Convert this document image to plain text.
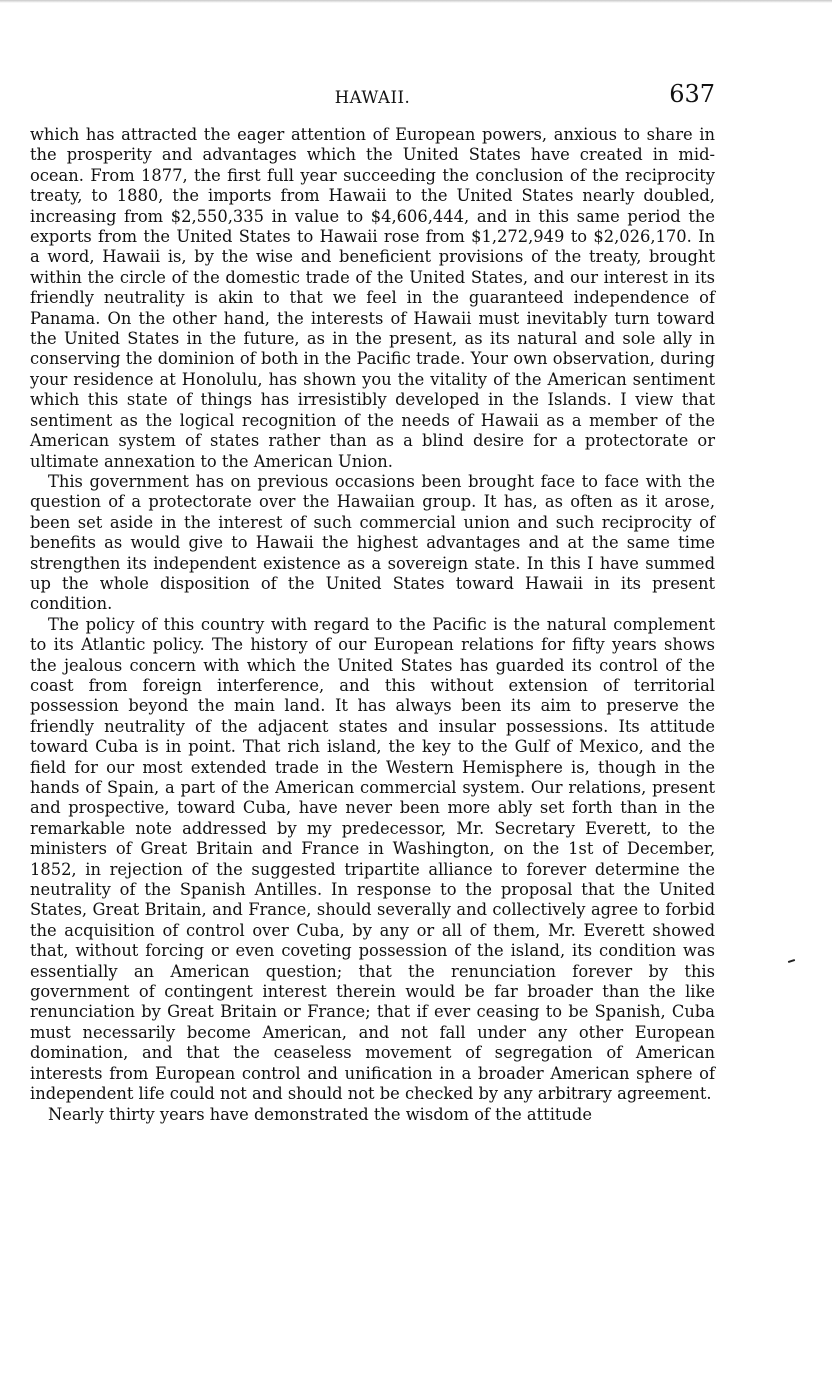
HAWAII.	637

which has attracted the eager attention of European powers, anxious to share in the prosperity and advantages which the United States have created in mid-ocean. From 1877, the first full year succeeding the conclusion of the reciprocity treaty, to 1880, the imports from Hawaii to the United States nearly doubled, increasing from $2,550,335 in value to $4,606,444, and in this same period the exports from the United States to Hawaii rose from $1,272,949 to $2,026,170. In a word, Hawaii is, by the wise and beneficient provisions of the treaty, brought within the circle of the domestic trade of the United States, and our interest in its friendly neutrality is akin to that we feel in the guaranteed independence of Panama. On the other hand, the interests of Hawaii must inevitably turn toward the United States in the future, as in the present, as its natural and sole ally in conserving the dominion of both in the Pacific trade. Your own observation, during your residence at Honolulu, has shown you the vitality of the American sentiment which this state of things has irresistibly developed in the Islands. I view that sentiment as the logical recognition of the needs of Hawaii as a member of the American system of states rather than as a blind desire for a protectorate or ultimate annexation to the American Union.

This government has on previous occasions been brought face to face with the question of a protectorate over the Hawaiian group. It has, as often as it arose, been set aside in the interest of such commercial union and such reciprocity of benefits as would give to Hawaii the highest advantages and at the same time strengthen its independent existence as a sovereign state. In this I have summed up the whole disposition of the United States toward Hawaii in its present condition.

The policy of this country with regard to the Pacific is the natural complement to its Atlantic policy. The history of our European relations for fifty years shows the jealous concern with which the United States has guarded its control of the coast from foreign interference, and this without extension of territorial possession beyond the main land. It has always been its aim to preserve the friendly neutrality of the adjacent states and insular possessions. Its attitude toward Cuba is in point. That rich island, the key to the Gulf of Mexico, and the field for our most extended trade in the Western Hemisphere is, though in the hands of Spain, a part of the American commercial system. Our relations, present and prospective, toward Cuba, have never been more ably set forth than in the remarkable note addressed by my predecessor, Mr. Secretary Everett, to the ministers of Great Britain and France in Washington, on the 1st of December, 1852, in rejection of the suggested tripartite alliance to forever determine the neutrality of the Spanish Antilles. In response to the proposal that the United States, Great Britain, and France, should severally and collectively agree to forbid the acquisition of control over Cuba, by any or all of them, Mr. Everett showed that, without forcing or even coveting possession of the island, its condition was essentially an American question; that the renunciation forever by this government of contingent interest therein would be far broader than the like renunciation by Great Britain or France; that if ever ceasing to be Spanish, Cuba must necessarily become American, and not fall under any other European domination, and that the ceaseless movement of segregation of American interests from European control and unification in a broader American sphere of independent life could not and should not be checked by any arbitrary agreement.

Nearly thirty years have demonstrated the wisdom of the attitude
